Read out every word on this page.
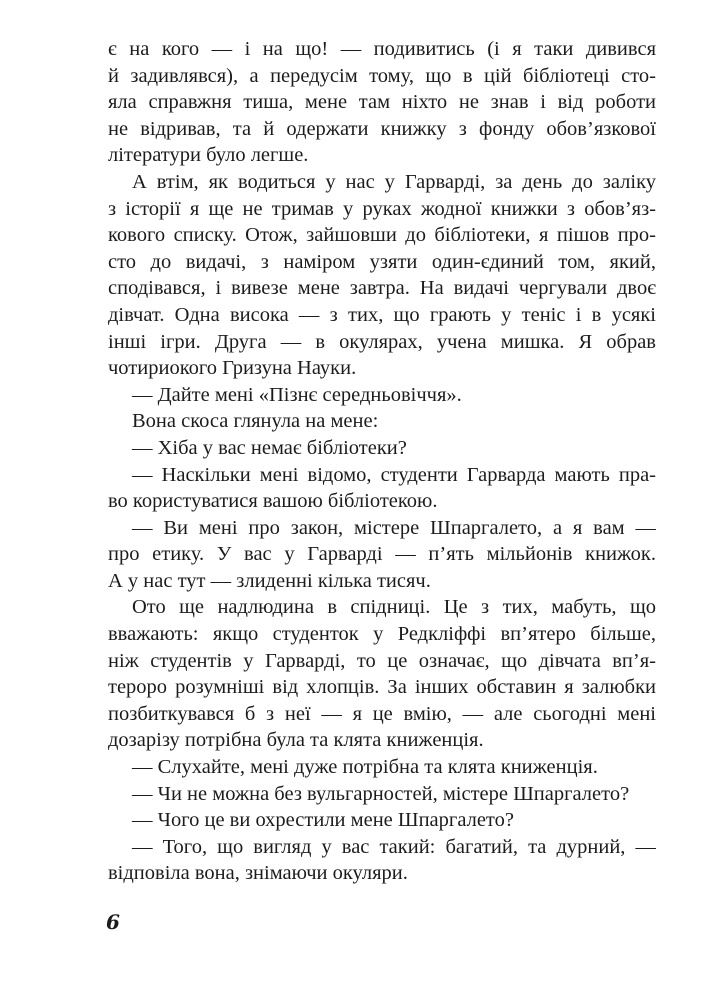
є на кого — і на що! — подивитись (і я таки дивився
й задивлявся), а передусім тому, що в цій бібліотеці сто-
яла справжня тиша, мене там ніхто не знав і від роботи
не відривав, та й одержати книжку з фонду обов’язкової
літератури було легше.
А втім, як водиться у нас у Гарварді, за день до заліку
з історії я ще не тримав у руках жодної книжки з обов’яз-
кового списку. Отож, зайшовши до бібліотеки, я пішов про-
сто до видачі, з наміром узяти один-єдиний том, який,
сподівався, і вивезе мене завтра. На видачі чергували двоє
дівчат. Одна висока — з тих, що грають у теніс і в усякі
інші ігри. Друга — в окулярах, учена мишка. Я обрав
чотириокого Гризуна Науки.
— Дайте мені «Пізнє середньовіччя».
Вона скоса глянула на мене:
— Хіба у вас немає бібліотеки?
— Наскільки мені відомо, студенти Гарварда мають пра-
во користуватися вашою бібліотекою.
— Ви мені про закон, містере Шпаргалето, а я вам —
про етику. У вас у Гарварді — п’ять мільйонів книжок.
А у нас тут — злиденні кілька тисяч.
Ото ще надлюдина в спідниці. Це з тих, мабуть, що
вважають: якщо студенток у Редкліффі вп’ятеро більше,
ніж студентів у Гарварді, то це означає, що дівчата вп’я-
тероро розумніші від хлопців. За інших обставин я залюбки
позбиткувався б з неї — я це вмію, — але сьогодні мені
дозарізу потрібна була та клята книженція.
— Слухайте, мені дуже потрібна та клята книженція.
— Чи не можна без вульгарностей, містере Шпаргалето?
— Чого це ви охрестили мене Шпаргалето?
— Того, що вигляд у вас такий: багатий, та дурний, —
відповіла вона, знімаючи окуляри.
6
